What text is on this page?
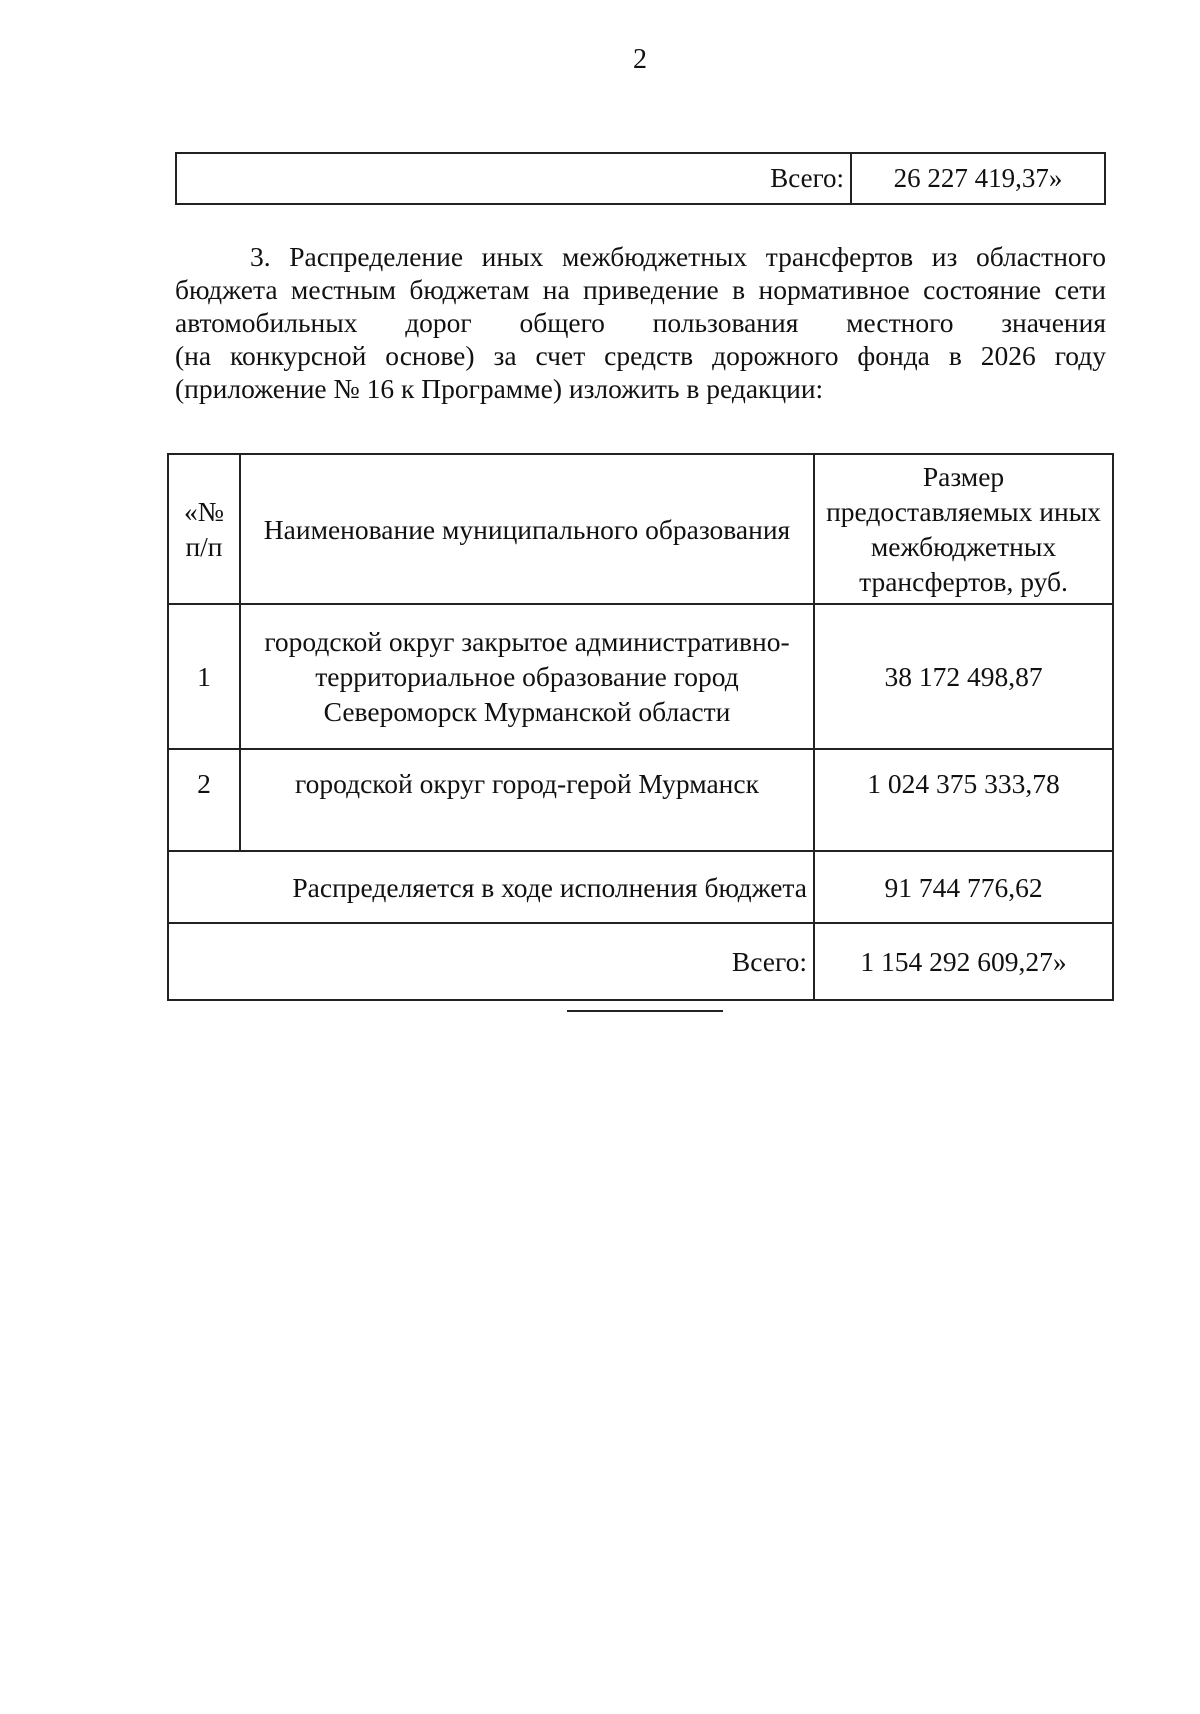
2
Всего:	26 227 419,37»

3. Распределение иных межбюджетных трансфертов из областного

бюджета местным бюджетам на приведение в нормативное состояние сети

автомобильных дорог общего пользования местного значения

(на конкурсной основе) за счет средств дорожного фонда в 2026 году

(приложение № 16 к Программе) изложить в редакции:

«№ п/п	Наименование муниципального образования	Размер предоставляемых иных межбюджетных трансфертов, руб.
1	городской округ закрытое административно-территориальное образование город Североморск Мурманской области	38 172 498,87
2	городской округ город-герой Мурманск	1 024 375 333,78
Распределяется в ходе исполнения бюджета		91 744 776,62
Всего:		1 154 292 609,27»
